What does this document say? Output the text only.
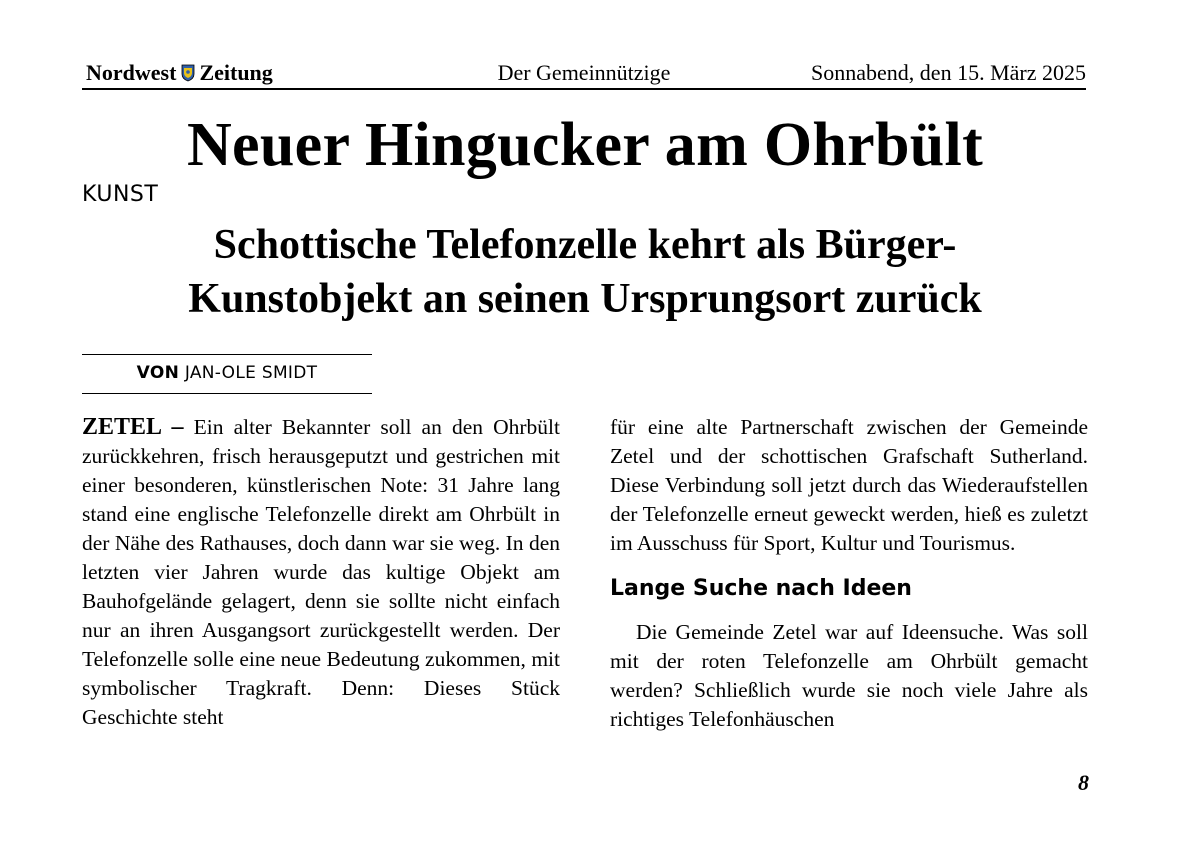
Nordwest Zeitung	Der Gemeinnützige	Sonnabend, den 15. März 2025
Neuer Hingucker am Ohrbült
KUNST
Schottische Telefonzelle kehrt als Bürger-
Kunstobjekt an seinen Ursprungsort zurück
VON JAN-OLE SMIDT

ZETEL – Ein alter Bekannter soll an den Ohrbült zurückkehren, frisch herausgeputzt und gestrichen mit einer besonderen, künstlerischen Note: 31 Jahre lang stand eine englische Telefonzelle direkt am Ohrbült in der Nähe des Rathauses, doch dann war sie weg. In den letzten vier Jahren wurde das kultige Objekt am Bauhofgelände gelagert, denn sie sollte nicht einfach nur an ihren Ausgangsort zurückgestellt werden. Der Telefonzelle solle eine neue Bedeutung zukommen, mit symbolischer Tragkraft. Denn: Dieses Stück Geschichte steht

für eine alte Partnerschaft zwischen der Gemeinde Zetel und der schottischen Grafschaft Sutherland. Diese Verbindung soll jetzt durch das Wiederaufstellen der Telefonzelle erneut geweckt werden, hieß es zuletzt im Ausschuss für Sport, Kultur und Tourismus.

Lange Suche nach Ideen

Die Gemeinde Zetel war auf Ideensuche. Was soll mit der roten Telefonzelle am Ohrbült gemacht werden? Schließlich wurde sie noch viele Jahre als richtiges Telefonhäuschen

8
